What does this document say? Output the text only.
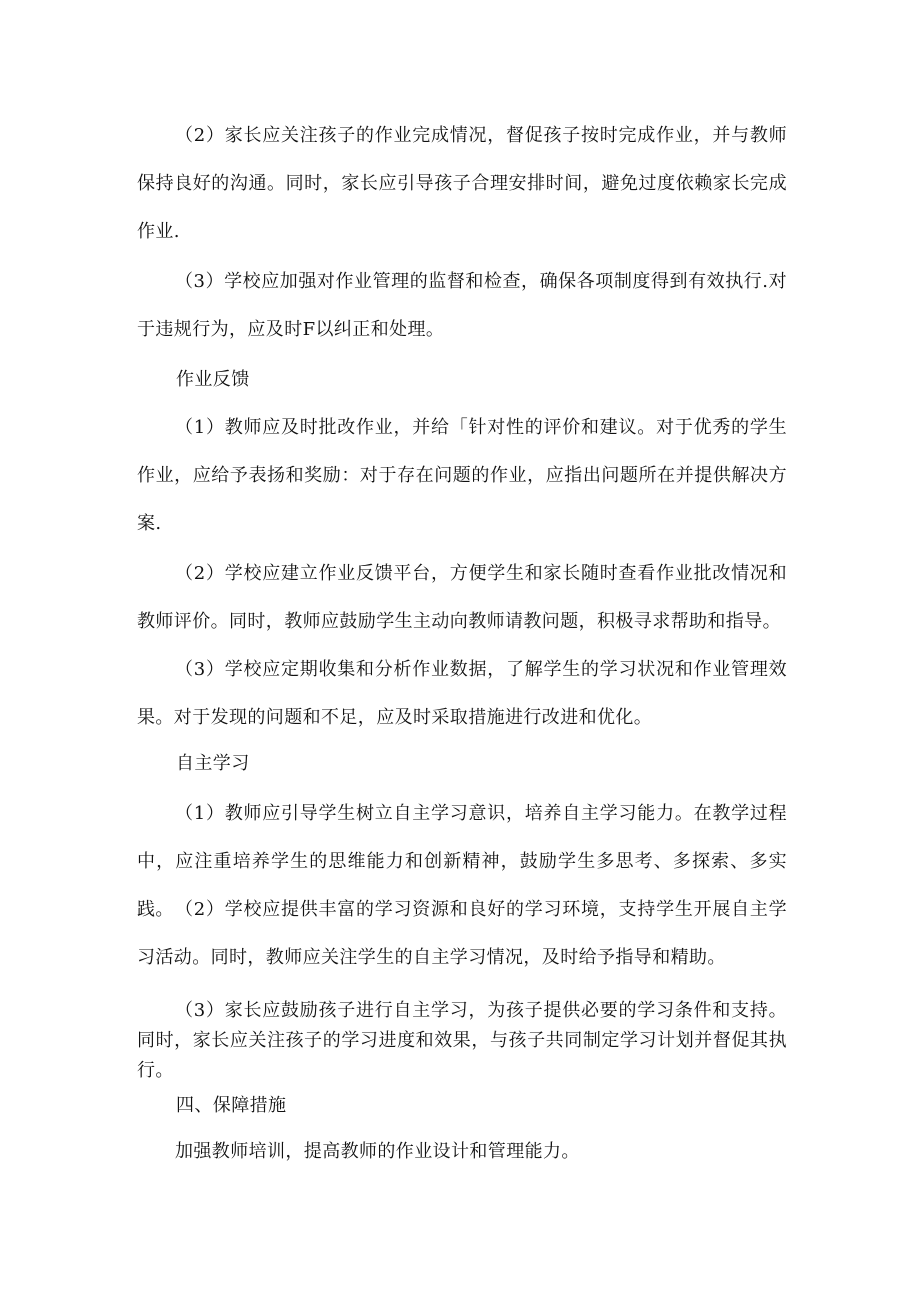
（2）家长应关注孩子的作业完成情况，督促孩子按时完成作业，并与教师保持良好的沟通。同时，家长应引导孩子合理安排时间，避免过度依赖家长完成作业.

（3）学校应加强对作业管理的监督和检查，确保各项制度得到有效执行.对于违规行为，应及时F以纠正和处理。

作业反馈

（1）教师应及时批改作业，并给「针对性的评价和建议。对于优秀的学生作业，应给予表扬和奖励：对于存在问题的作业，应指出问题所在并提供解决方案.

（2）学校应建立作业反馈平台，方便学生和家长随时查看作业批改情况和教师评价。同时，教师应鼓励学生主动向教师请教问题，积极寻求帮助和指导。

（3）学校应定期收集和分析作业数据，了解学生的学习状况和作业管理效果。对于发现的问题和不足，应及时采取措施进行改进和优化。

自主学习

（1）教师应引导学生树立自主学习意识，培养自主学习能力。在教学过程中，应注重培养学生的思维能力和创新精神，鼓励学生多思考、多探索、多实践。 （2）学校应提供丰富的学习资源和良好的学习环境，支持学生开展自主学习活动。同时，教师应关注学生的自主学习情况，及时给予指导和精助。

（3）家长应鼓励孩子进行自主学习，为孩子提供必要的学习条件和支持。同时，家长应关注孩子的学习进度和效果，与孩子共同制定学习计划并督促其执行。

四、保障措施

加强教师培训，提高教师的作业设计和管理能力。
